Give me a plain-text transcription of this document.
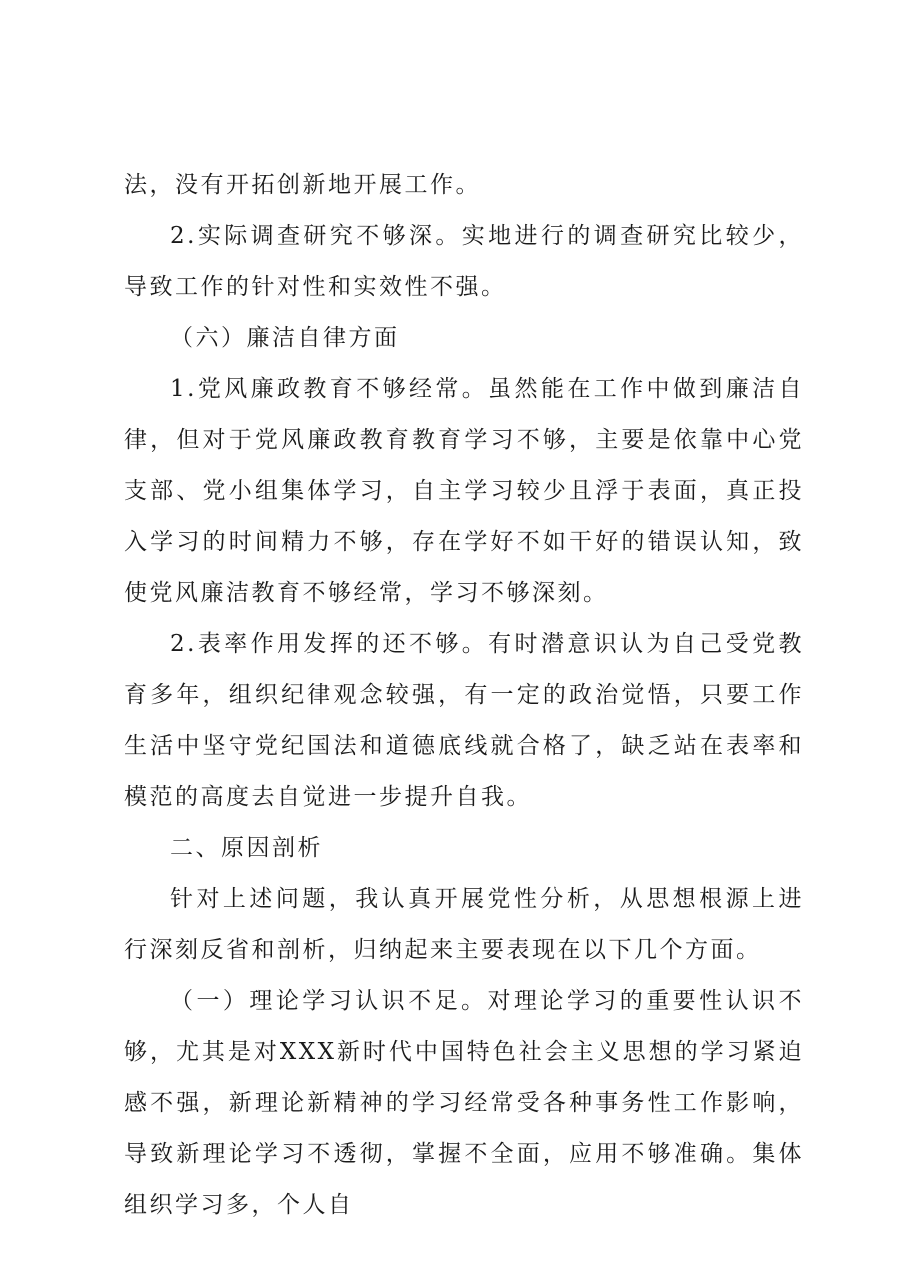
法，没有开拓创新地开展工作。

2.实际调查研究不够深。实地进行的调查研究比较少，导致工作的针对性和实效性不强。

（六）廉洁自律方面

1.党风廉政教育不够经常。虽然能在工作中做到廉洁自律，但对于党风廉政教育教育学习不够，主要是依靠中心党支部、党小组集体学习，自主学习较少且浮于表面，真正投入学习的时间精力不够，存在学好不如干好的错误认知，致使党风廉洁教育不够经常，学习不够深刻。

2.表率作用发挥的还不够。有时潜意识认为自己受党教育多年，组织纪律观念较强，有一定的政治觉悟，只要工作生活中坚守党纪国法和道德底线就合格了，缺乏站在表率和模范的高度去自觉进一步提升自我。

二、原因剖析

针对上述问题，我认真开展党性分析，从思想根源上进行深刻反省和剖析，归纳起来主要表现在以下几个方面。

（一）理论学习认识不足。对理论学习的重要性认识不够，尤其是对XXX新时代中国特色社会主义思想的学习紧迫感不强，新理论新精神的学习经常受各种事务性工作影响，导致新理论学习不透彻，掌握不全面，应用不够准确。集体组织学习多，个人自
